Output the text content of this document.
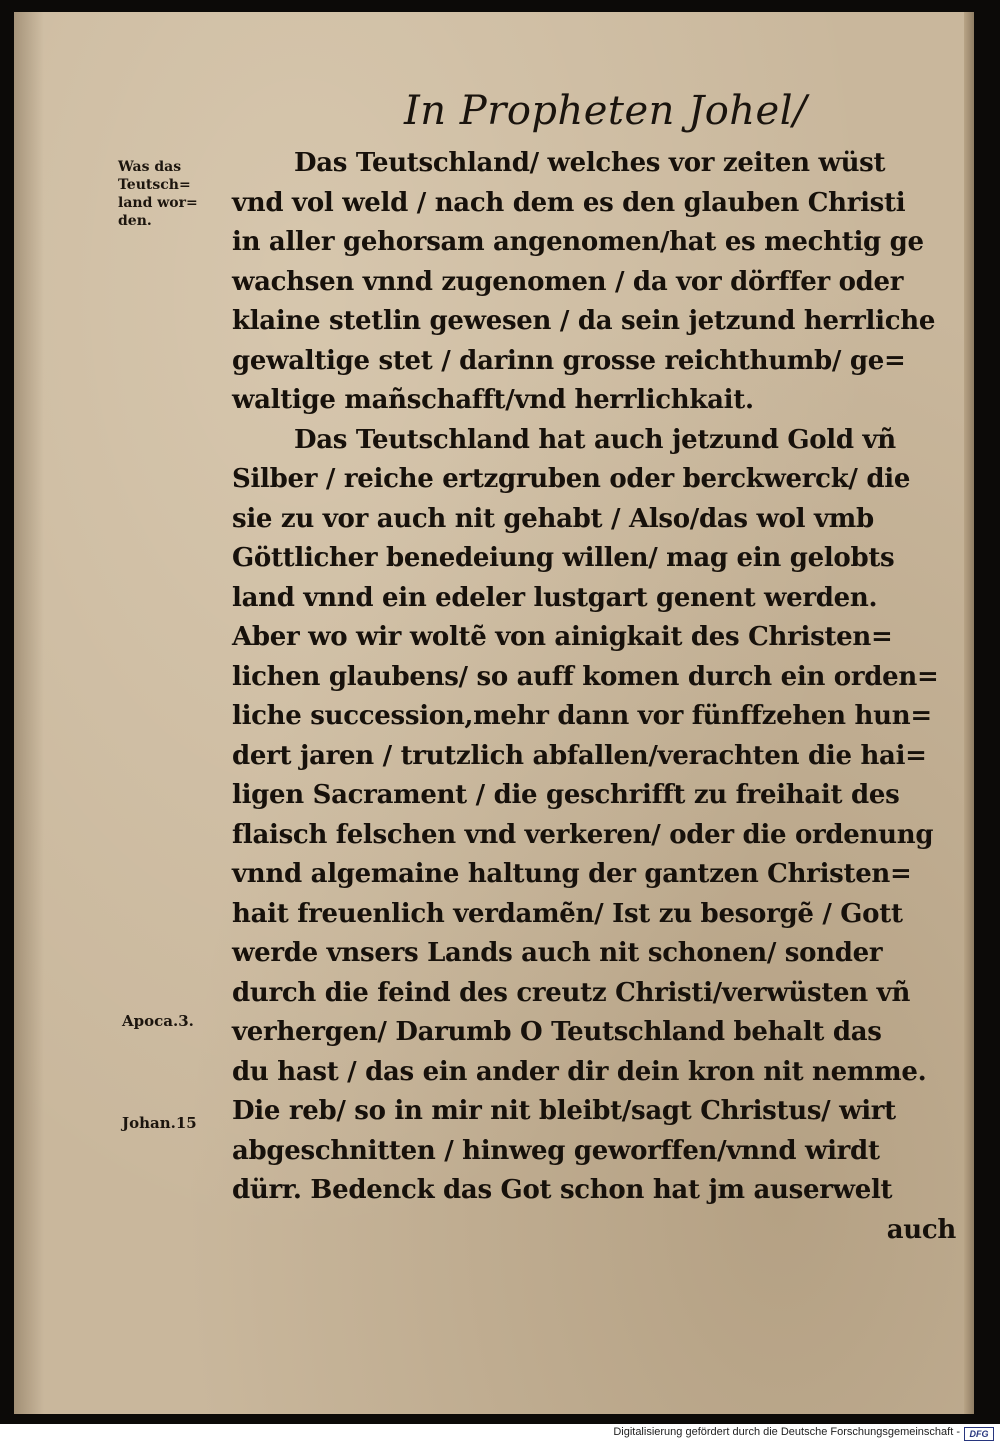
In Propheten Johel/
Was das
Teutsch=
land wor=
den.
Apoca.3.
Johan.15
Das Teutschland/ welches vor zeiten wüst
vnd vol weld / nach dem es den glauben Christi
in aller gehorsam angenomen/hat es mechtig ge
wachsen vnnd zugenomen / da vor dörffer oder
klaine stetlin gewesen / da sein jetzund herrliche
gewaltige stet / darinn grosse reichthumb/ ge=
waltige mañschafft/vnd herrlichkait.
Das Teutschland hat auch jetzund Gold vñ
Silber / reiche ertzgruben oder berckwerck/ die
sie zu vor auch nit gehabt / Also/das wol vmb
Göttlicher benedeiung willen/ mag ein gelobts
land vnnd ein edeler lustgart genent werden.
Aber wo wir woltẽ von ainigkait des Christen=
lichen glaubens/ so auff komen durch ein orden=
liche succession,mehr dann vor fünffzehen hun=
dert jaren / trutzlich abfallen/verachten die hai=
ligen Sacrament / die geschrifft zu freihait des
flaisch felschen vnd verkeren/ oder die ordenung
vnnd algemaine haltung der gantzen Christen=
hait freuenlich verdamẽn/ Ist zu besorgẽ / Gott
werde vnsers Lands auch nit schonen/ sonder
durch die feind des creutz Christi/verwüsten vñ
verhergen/ Darumb O Teutschland behalt das
du hast / das ein ander dir dein kron nit nemme.
Die reb/ so in mir nit bleibt/sagt Christus/ wirt
abgeschnitten / hinweg geworffen/vnnd wirdt
dürr. Bedenck das Got schon hat jm auserwelt
auch
Digitalisierung gefördert durch die Deutsche Forschungsgemeinschaft -	DFG
